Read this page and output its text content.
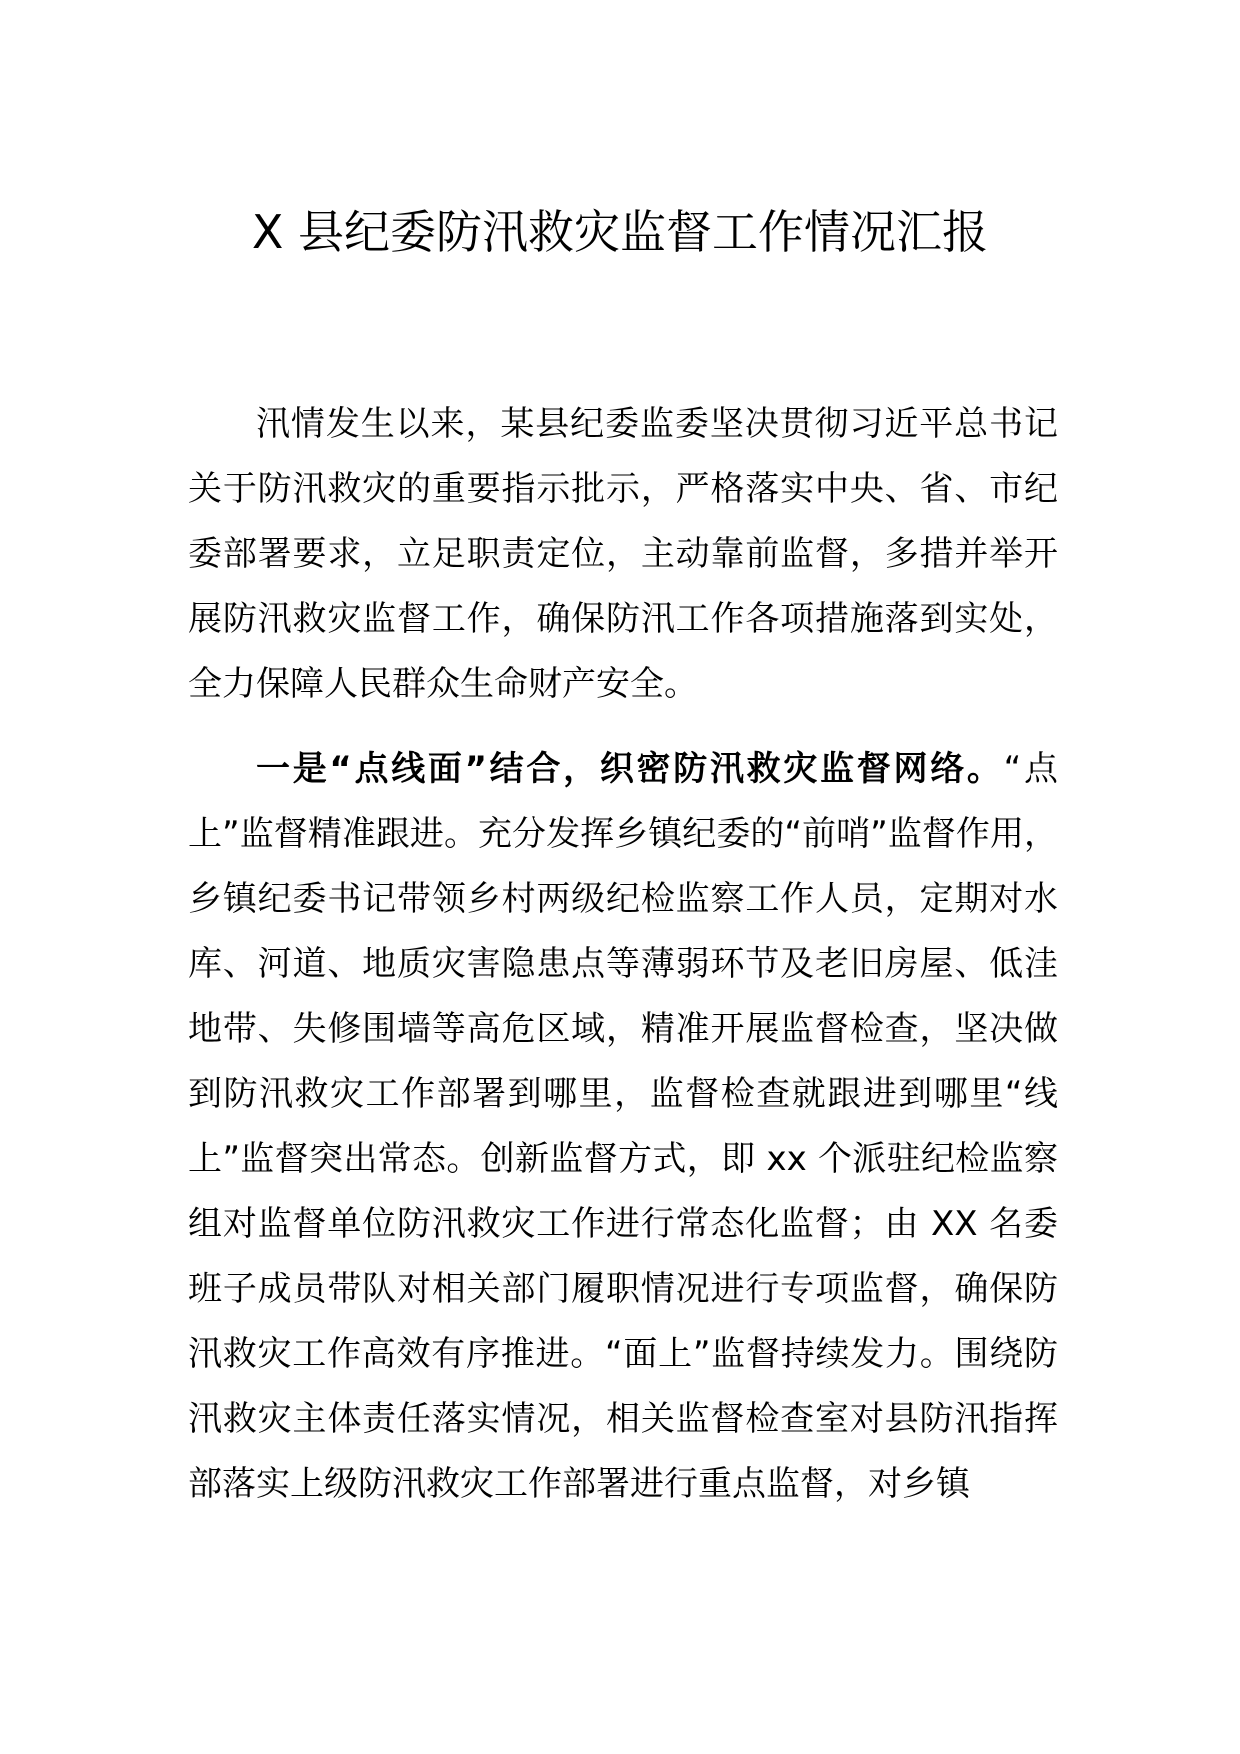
X 县纪委防汛救灾监督工作情况汇报

汛情发生以来，某县纪委监委坚决贯彻习近平总书记关于防汛救灾的重要指示批示，严格落实中央、省、市纪委部署要求，立足职责定位，主动靠前监督，多措并举开展防汛救灾监督工作，确保防汛工作各项措施落到实处，全力保障人民群众生命财产安全。

一是“点线面”结合，织密防汛救灾监督网络。“点上”监督精准跟进。充分发挥乡镇纪委的“前哨”监督作用，乡镇纪委书记带领乡村两级纪检监察工作人员，定期对水库、河道、地质灾害隐患点等薄弱环节及老旧房屋、低洼地带、失修围墙等高危区域，精准开展监督检查，坚决做到防汛救灾工作部署到哪里，监督检查就跟进到哪里“线上”监督突出常态。创新监督方式，即 xx 个派驻纪检监察组对监督单位防汛救灾工作进行常态化监督；由 XX 名委班子成员带队对相关部门履职情况进行专项监督，确保防汛救灾工作高效有序推进。“面上”监督持续发力。围绕防汛救灾主体责任落实情况，相关监督检查室对县防汛指挥部落实上级防汛救灾工作部署进行重点监督，对乡镇
